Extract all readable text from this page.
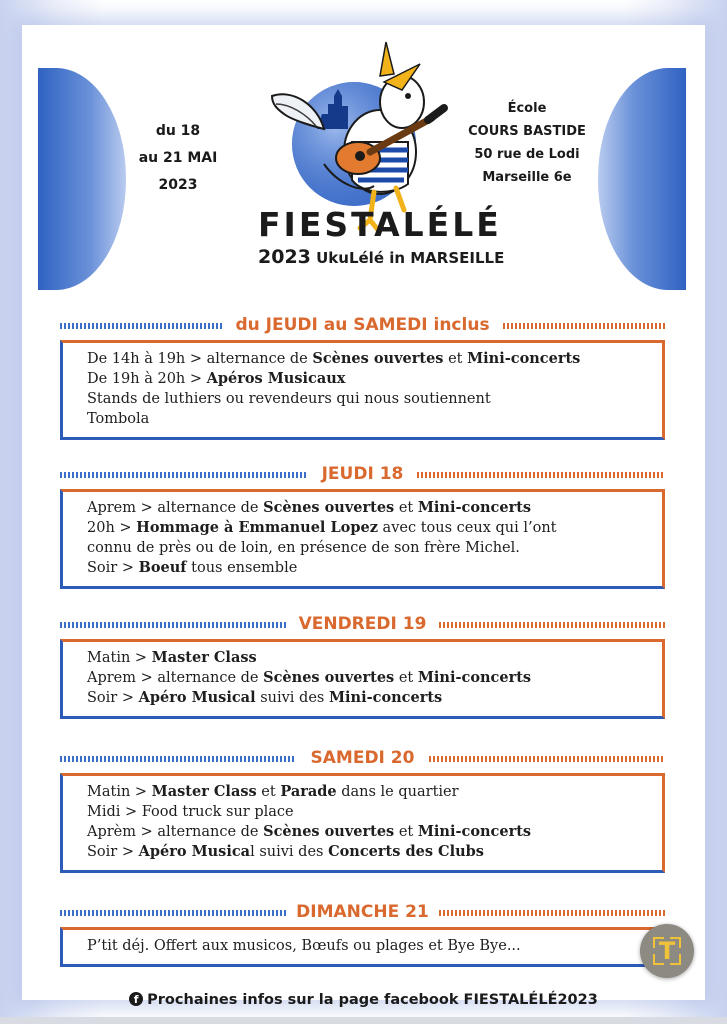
du 18
au 21 MAI
2023
École
COURS BASTIDE
50 rue de Lodi
Marseille 6e
FIESTALÉLÉ
2023 UkuLélé in MARSEILLE
du JEUDI au SAMEDI inclus
De 14h à 19h > alternance de Scènes ouvertes et Mini-concerts
De 19h à 20h > Apéros Musicaux
Stands de luthiers ou revendeurs qui nous soutiennent
Tombola
JEUDI 18
Aprem > alternance de Scènes ouvertes et Mini-concerts
20h > Hommage à Emmanuel Lopez avec tous ceux qui l’ont
connu de près ou de loin, en présence de son frère Michel.
Soir > Boeuf tous ensemble
VENDREDI 19
Matin > Master Class
Aprem > alternance de Scènes ouvertes et Mini-concerts
Soir > Apéro Musical suivi des Mini-concerts
SAMEDI 20
Matin > Master Class et Parade dans le quartier
Midi > Food truck sur place
Aprèm > alternance de Scènes ouvertes et Mini-concerts
Soir > Apéro Musical suivi des Concerts des Clubs
DIMANCHE 21
P’tit déj. Offert aux musicos, Bœufs ou plages et Bye Bye...	T
f Prochaines infos sur la page facebook FIESTALÉLÉ2023
